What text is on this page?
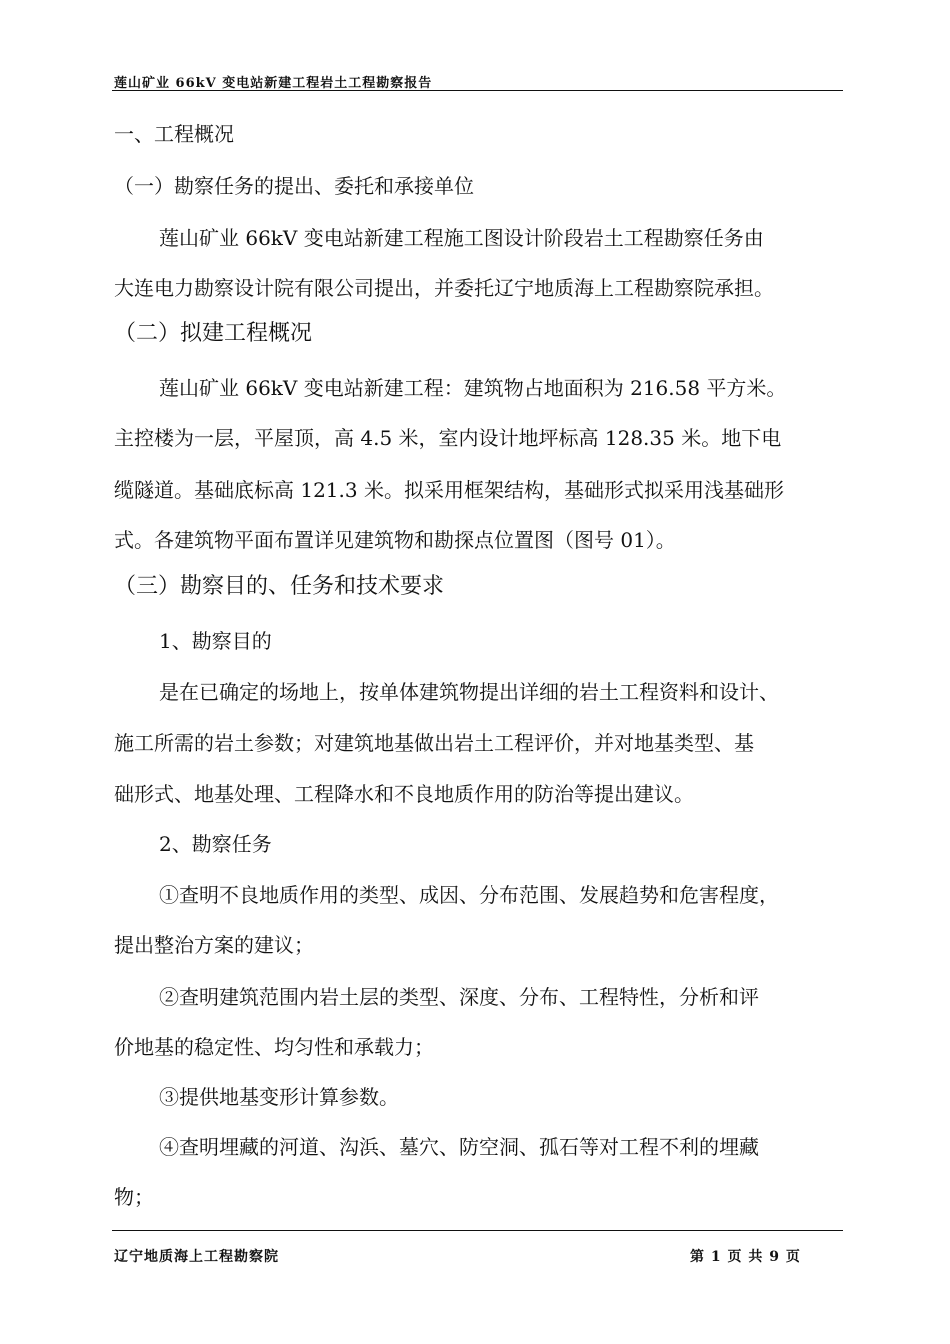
莲山矿业 66kV 变电站新建工程岩土工程勘察报告
一、工程概况
（一）勘察任务的提出、委托和承接单位
莲山矿业 66kV 变电站新建工程施工图设计阶段岩土工程勘察任务由
大连电力勘察设计院有限公司提出，并委托辽宁地质海上工程勘察院承担。
（二）拟建工程概况
莲山矿业 66kV 变电站新建工程：建筑物占地面积为 216.58 平方米。
主控楼为一层，平屋顶，高 4.5 米，室内设计地坪标高 128.35 米。地下电
缆隧道。基础底标高 121.3 米。拟采用框架结构，基础形式拟采用浅基础形
式。各建筑物平面布置详见建筑物和勘探点位置图（图号 01）。
（三）勘察目的、任务和技术要求
1、勘察目的
是在已确定的场地上，按单体建筑物提出详细的岩土工程资料和设计、
施工所需的岩土参数；对建筑地基做出岩土工程评价，并对地基类型、基
础形式、地基处理、工程降水和不良地质作用的防治等提出建议。
2、勘察任务
①查明不良地质作用的类型、成因、分布范围、发展趋势和危害程度，
提出整治方案的建议；
②查明建筑范围内岩土层的类型、深度、分布、工程特性，分析和评
价地基的稳定性、均匀性和承载力；
③提供地基变形计算参数。
④查明埋藏的河道、沟浜、墓穴、防空洞、孤石等对工程不利的埋藏
物；
辽宁地质海上工程勘察院	第 1 页 共 9 页
